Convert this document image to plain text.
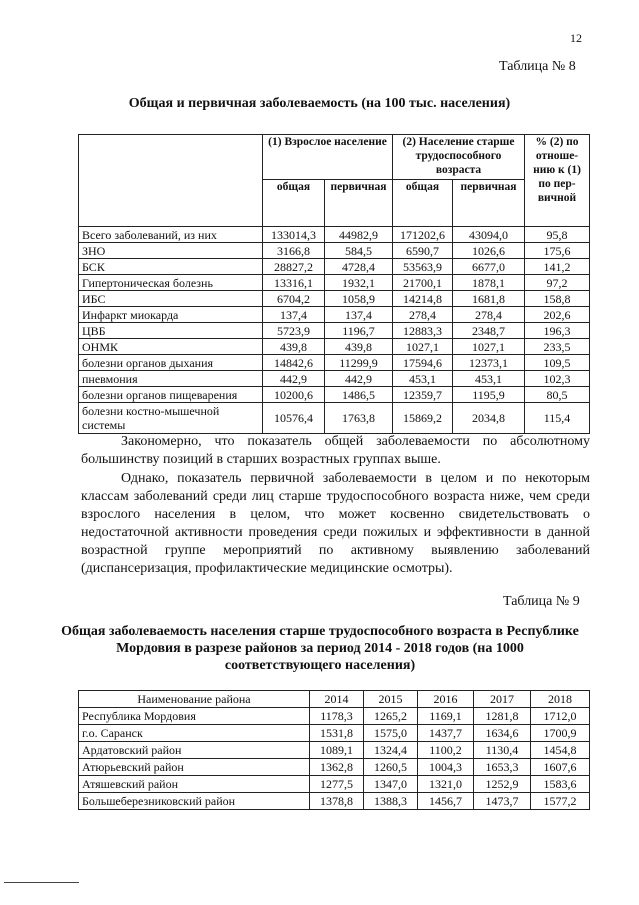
12
Таблица № 8
Общая и первичная заболеваемость (на 100 тыс. населения)
	(1) Взрослое население		(2) Население старше трудоспособного возраста		% (2) по отноше-нию к (1) по пер-вичной
	общая	первичная	общая	первичная	
Всего заболеваний, из них	133014,3	44982,9	171202,6	43094,0	95,8
ЗНО	3166,8	584,5	6590,7	1026,6	175,6
БСК	28827,2	4728,4	53563,9	6677,0	141,2
Гипертоническая болезнь	13316,1	1932,1	21700,1	1878,1	97,2
ИБС	6704,2	1058,9	14214,8	1681,8	158,8
Инфаркт миокарда	137,4	137,4	278,4	278,4	202,6
ЦВБ	5723,9	1196,7	12883,3	2348,7	196,3
ОНМК	439,8	439,8	1027,1	1027,1	233,5
болезни органов дыхания	14842,6	11299,9	17594,6	12373,1	109,5
пневмония	442,9	442,9	453,1	453,1	102,3
болезни органов пищеварения	10200,6	1486,5	12359,7	1195,9	80,5
болезни костно-мышечной системы	10576,4	1763,8	15869,2	2034,8	115,4

Закономерно, что показатель общей заболеваемости по абсолютному большинству позиций в старших возрастных группах выше.

Однако, показатель первичной заболеваемости в целом и по некоторым классам заболеваний среди лиц старше трудоспособного возраста ниже, чем среди взрослого населения в целом, что может косвенно свидетельствовать о недостаточной активности проведения среди пожилых и эффективности в данной возрастной группе мероприятий по активному выявлению заболеваний (диспансеризация, профилактические медицинские осмотры).

Таблица № 9
Общая заболеваемость населения старше трудоспособного возраста в Республике Мордовия в разрезе районов за период 2014 - 2018 годов (на 1000 соответствующего населения)
Наименование района	2014	2015	2016	2017	2018
Республика Мордовия	1178,3	1265,2	1169,1	1281,8	1712,0
г.о. Саранск	1531,8	1575,0	1437,7	1634,6	1700,9
Ардатовский район	1089,1	1324,4	1100,2	1130,4	1454,8
Атюрьевский район	1362,8	1260,5	1004,3	1653,3	1607,6
Атяшевский район	1277,5	1347,0	1321,0	1252,9	1583,6
Большеберезниковский район	1378,8	1388,3	1456,7	1473,7	1577,2
